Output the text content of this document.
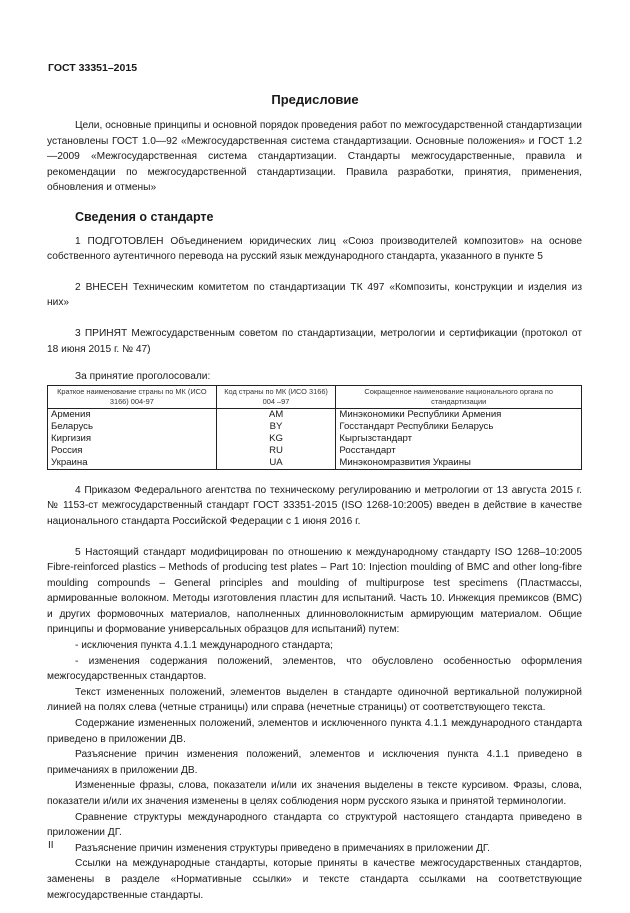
ГОСТ 33351–2015
Предисловие

Цели, основные принципы и основной порядок проведения работ по межгосударственной стандартизации установлены ГОСТ 1.0—92 «Межгосударственная система стандартизации. Основные положения» и ГОСТ 1.2—2009 «Межгосударственная система стандартизации. Стандарты межгосударственные, правила и рекомендации по межгосударственной стандартизации. Правила разработки, принятия, применения, обновления и отмены»

Сведения о стандарте

1 ПОДГОТОВЛЕН Объединением юридических лиц «Союз производителей композитов» на основе собственного аутентичного перевода на русский язык международного стандарта, указанного в пункте 5

2 ВНЕСЕН Техническим комитетом по стандартизации ТК 497 «Композиты, конструкции и изделия из них»

3 ПРИНЯТ Межгосударственным советом по стандартизации, метрологии и сертификации (протокол от 18 июня 2015 г. № 47)

За принятие проголосовали:

Краткое наименование страны по МК (ИСО 3166) 004-97	Код страны по МК (ИСО 3166) 004 –97	Сокращенное наименование национального органа по стандартизации
Армения	AM	Минэкономики Республики Армения
Беларусь	BY	Госстандарт Республики Беларусь
Киргизия	KG	Кыргызстандарт
Россия	RU	Росстандарт
Украина	UA	Минэкономразвития Украины

4 Приказом Федерального агентства по техническому регулированию и метрологии от 13 августа 2015 г. № 1153-ст межгосударственный стандарт ГОСТ 33351-2015 (ISO 1268-10:2005) введен в действие в качестве национального стандарта Российской Федерации с 1 июня 2016 г.

5 Настоящий стандарт модифицирован по отношению к международному стандарту ISO 1268–10:2005 Fibre-reinforced plastics – Methods of producing test plates – Part 10: Injection moulding of BMC and other long-fibre moulding compounds – General principles and moulding of multipurpose test specimens (Пластмассы, армированные волокном. Методы изготовления пластин для испытаний. Часть 10. Инжекция премиксов (BMC) и других формовочных материалов, наполненных длинноволокнистым армирующим материалом. Общие принципы и формование универсальных образцов для испытаний) путем:

- исключения пункта 4.1.1 международного стандарта;

- изменения содержания положений, элементов, что обусловлено особенностью оформления межгосударственных стандартов.

Текст измененных положений, элементов выделен в стандарте одиночной вертикальной полужирной линией на полях слева (четные страницы) или справа (нечетные страницы) от соответствующего текста.

Содержание измененных положений, элементов и исключенного пункта 4.1.1 международного стандарта приведено в приложении ДВ.

Разъяснение причин изменения положений, элементов и исключения пункта 4.1.1 приведено в примечаниях в приложении ДВ.

Измененные фразы, слова, показатели и/или их значения выделены в тексте курсивом. Фразы, слова, показатели и/или их значения изменены в целях соблюдения норм русского языка и принятой терминологии.

Сравнение структуры международного стандарта со структурой настоящего стандарта приведено в приложении ДГ.

Разъяснение причин изменения структуры приведено в примечаниях в приложении ДГ.

Ссылки на международные стандарты, которые приняты в качестве межгосударственных стандартов, заменены в разделе «Нормативные ссылки» и тексте стандарта ссылками на соответствующие межгосударственные стандарты.

II
